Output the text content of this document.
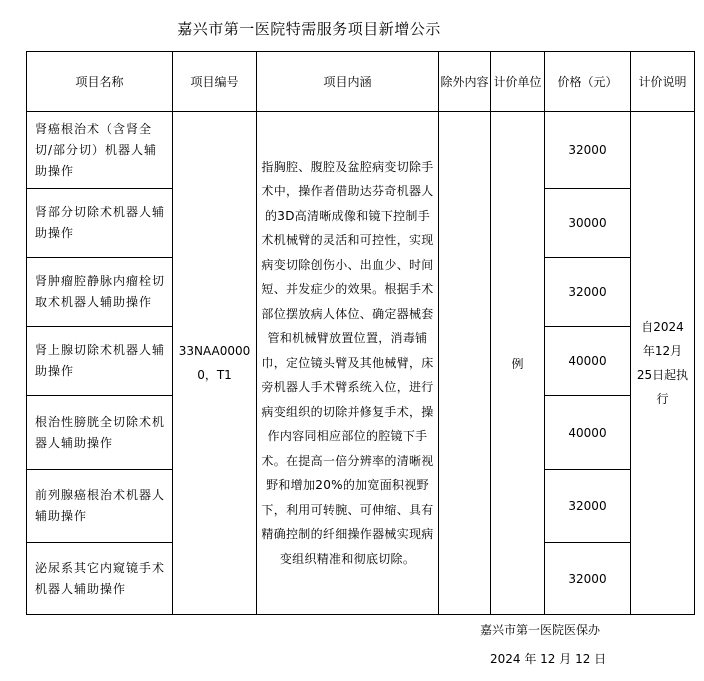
嘉兴市第一医院特需服务项目新增公示
项目名称	项目编号	项目内涵	除外内容	计价单位	价格（元）	计价说明
肾癌根治术（含肾全切/部分切）机器人辅助操作	33NAA00000，T1	指胸腔、腹腔及盆腔病变切除手术中，操作者借助达芬奇机器人的3D高清晰成像和镜下控制手术机械臂的灵活和可控性，实现病变切除创伤小、出血少、时间短、并发症少的效果。根据手术部位摆放病人体位、确定器械套管和机械臂放置位置，消毒铺巾，定位镜头臂及其他械臂，床旁机器人手术臂系统入位，进行病变组织的切除并修复手术，操作内容同相应部位的腔镜下手术。在提高一倍分辨率的清晰视野和增加20%的加宽面积视野下，利用可转腕、可伸缩、具有精确控制的纤细操作器械实现病变组织精准和彻底切除。		例	32000	自2024年12月25日起执行
肾部分切除术机器人辅助操作					30000	
肾肿瘤腔静脉内瘤栓切取术机器人辅助操作					32000	
肾上腺切除术机器人辅助操作					40000	
根治性膀胱全切除术机器人辅助操作					40000	
前列腺癌根治术机器人辅助操作					32000	
泌尿系其它内窥镜手术机器人辅助操作					32000	
嘉兴市第一医院医保办
2024 年 12 月 12 日
